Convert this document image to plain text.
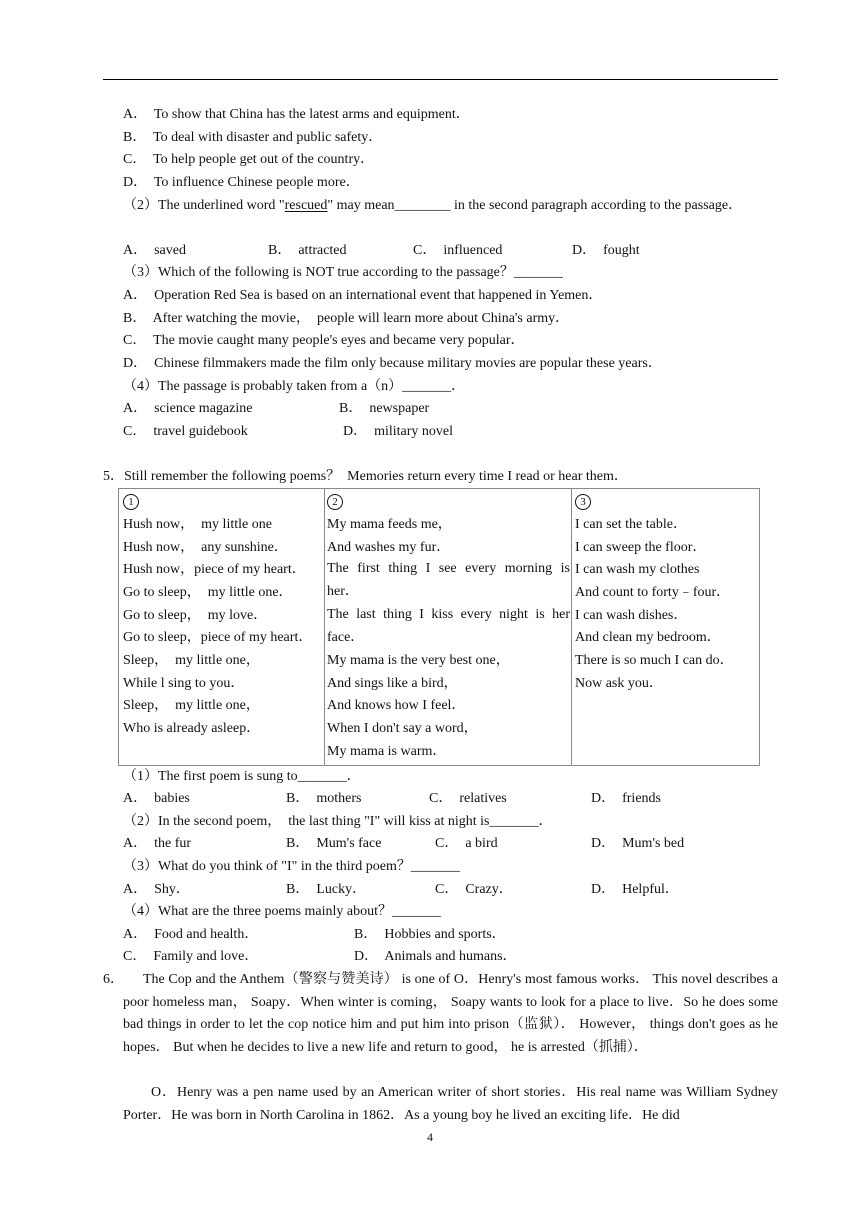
A．  To show that China has the latest arms and equipment．
B．  To deal with disaster and public safety．
C．  To help people get out of the country．
D．  To influence Chinese people more．
（2）The underlined word "rescued" may mean________ in the second paragraph according to the passage．
A．  saved	B．  attracted	C．  influenced	D．  fought
（3）Which of the following is NOT true according to the passage？_______
A．  Operation Red Sea is based on an international event that happened in Yemen．
B．  After watching the movie，  people will learn more about China's army．
C．  The movie caught many people's eyes and became very popular．
D．  Chinese filmmakers made the film only because military movies are popular these years．
（4）The passage is probably taken from a（n）_______．
A．  science magazine	B．  newspaper
C．  travel guidebook	D．  military novel
5．Still remember the following poems？  Memories return every time I read or hear them．
1
Hush now，  my little one
Hush now，  any sunshine．
Hush now，piece of my heart．
Go to sleep，  my little one．
Go to sleep，  my love．
Go to sleep，piece of my heart．
Sleep，  my little one，
While l sing to you．
Sleep，  my little one，
Who is already asleep．
2
My mama feeds me，
And washes my fur．
The first thing I see every morning is her．
The last thing I kiss every night is her face．
My mama is the very best one，
And sings like a bird，
And knows how I feel．
When I don't say a word，
My mama is warm．
3
I can set the table．
I can sweep the floor．
I can wash my clothes
And count to forty﹣four．
I can wash dishes．
And clean my bedroom．
There is so much I can do．
Now ask you．
（1）The first poem is sung to_______．
A．  babies	B．  mothers	C．  relatives	D．  friends
（2）In the second poem，  the last thing "I" will kiss at night is_______．
A．  the fur	B．  Mum's face	C．  a bird	D．  Mum's bed
（3）What do you think of "I" in the third poem？_______
A．  Shy．	B．  Lucky．	C．  Crazy．	D．  Helpful．
（4）What are the three poems mainly about？_______
A．  Food and health．	B．  Hobbies and sports．
C．  Family and love．	D．  Animals and humans．
6．	The Cop and the Anthem（警察与赞美诗） is one of O．Henry's most famous works． This novel describes a poor homeless man， Soapy．When winter is coming， Soapy wants to look for a place to live．So he does some bad things in order to let the cop notice him and put him into prison（监狱）． However， things don't goes as he hopes． But when he decides to live a new life and return to good， he is arrested（抓捕）．
O．Henry was a pen name used by an American writer of short stories．His real name was William Sydney Porter．He was born in North Carolina in 1862．As a young boy he lived an exciting life．He did
4
